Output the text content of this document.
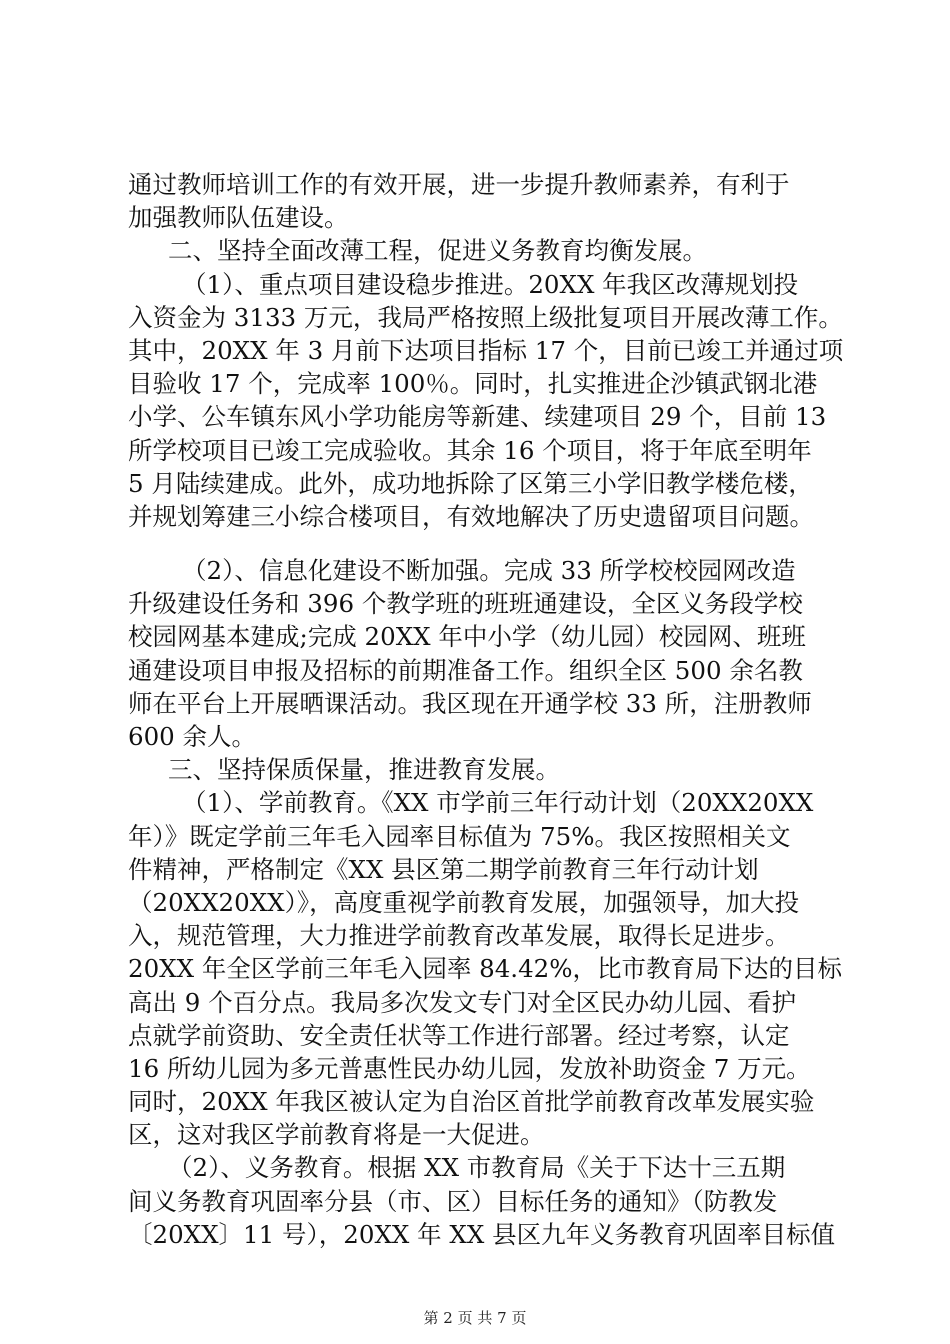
通过教师培训工作的有效开展，进一步提升教师素养，有利于
加强教师队伍建设。
二、坚持全面改薄工程，促进义务教育均衡发展。
（1）、重点项目建设稳步推进。20XX 年我区改薄规划投
入资金为 3133 万元，我局严格按照上级批复项目开展改薄工作。
其中，20XX 年 3 月前下达项目指标 17 个，目前已竣工并通过项
目验收 17 个，完成率 100％。同时，扎实推进企沙镇武钢北港
小学、公车镇东风小学功能房等新建、续建项目 29 个，目前 13
所学校项目已竣工完成验收。其余 16 个项目，将于年底至明年
5 月陆续建成。此外，成功地拆除了区第三小学旧教学楼危楼，
并规划筹建三小综合楼项目，有效地解决了历史遗留项目问题。
（2）、信息化建设不断加强。完成 33 所学校校园网改造
升级建设任务和 396 个教学班的班班通建设，全区义务段学校
校园网基本建成;完成 20XX 年中小学（幼儿园）校园网、班班
通建设项目申报及招标的前期准备工作。组织全区 500 余名教
师在平台上开展晒课活动。我区现在开通学校 33 所，注册教师
600 余人。
三、坚持保质保量，推进教育发展。
（1）、学前教育。《XX 市学前三年行动计划（20XX20XX
年）》既定学前三年毛入园率目标值为 75%。我区按照相关文
件精神，严格制定《XX 县区第二期学前教育三年行动计划
（20XX20XX）》，高度重视学前教育发展，加强领导，加大投
入，规范管理，大力推进学前教育改革发展，取得长足进步。
20XX 年全区学前三年毛入园率 84.42%，比市教育局下达的目标
高出 9 个百分点。我局多次发文专门对全区民办幼儿园、看护
点就学前资助、安全责任状等工作进行部署。经过考察，认定
16 所幼儿园为多元普惠性民办幼儿园，发放补助资金 7 万元。
同时，20XX 年我区被认定为自治区首批学前教育改革发展实验
区，这对我区学前教育将是一大促进。
（2）、义务教育。根据 XX 市教育局《关于下达十三五期
间义务教育巩固率分县（市、区）目标任务的通知》（防教发
〔20XX〕11 号），20XX 年 XX 县区九年义务教育巩固率目标值
第 2 页 共 7 页
